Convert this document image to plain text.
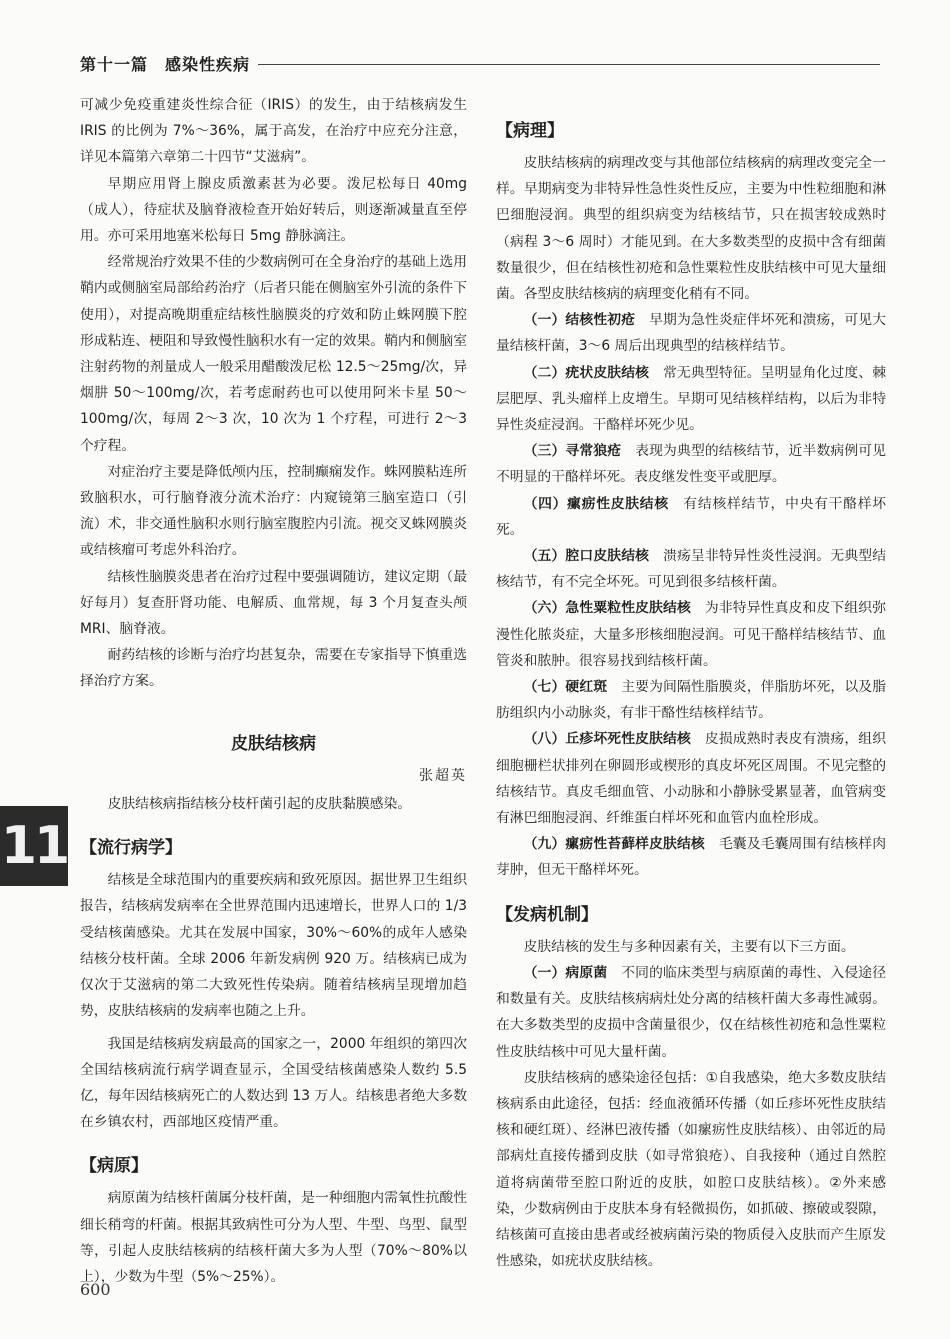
第十一篇　感染性疾病
11

可减少免疫重建炎性综合征（IRIS）的发生，由于结核病发生 IRIS 的比例为 7%～36%，属于高发，在治疗中应充分注意，详见本篇第六章第二十四节“艾滋病”。

早期应用肾上腺皮质激素甚为必要。泼尼松每日 40mg（成人），待症状及脑脊液检查开始好转后，则逐渐减量直至停用。亦可采用地塞米松每日 5mg 静脉滴注。

经常规治疗效果不佳的少数病例可在全身治疗的基础上选用鞘内或侧脑室局部给药治疗（后者只能在侧脑室外引流的条件下使用），对提高晚期重症结核性脑膜炎的疗效和防止蛛网膜下腔形成粘连、梗阻和导致慢性脑积水有一定的效果。鞘内和侧脑室注射药物的剂量成人一般采用醋酸泼尼松 12.5～25mg/次，异烟肼 50～100mg/次，若考虑耐药也可以使用阿米卡星 50～100mg/次，每周 2～3 次，10 次为 1 个疗程，可进行 2～3 个疗程。

对症治疗主要是降低颅内压，控制癫痫发作。蛛网膜粘连所致脑积水，可行脑脊液分流术治疗：内窥镜第三脑室造口（引流）术，非交通性脑积水则行脑室腹腔内引流。视交叉蛛网膜炎或结核瘤可考虑外科治疗。

结核性脑膜炎患者在治疗过程中要强调随访，建议定期（最好每月）复查肝肾功能、电解质、血常规，每 3 个月复查头颅 MRI、脑脊液。

耐药结核的诊断与治疗均甚复杂，需要在专家指导下慎重选择治疗方案。

皮肤结核病
张超英

皮肤结核病指结核分枝杆菌引起的皮肤黏膜感染。

【流行病学】

结核是全球范围内的重要疾病和致死原因。据世界卫生组织报告，结核病发病率在全世界范围内迅速增长，世界人口的 1/3 受结核菌感染。尤其在发展中国家，30%～60%的成年人感染结核分枝杆菌。全球 2006 年新发病例 920 万。结核病已成为仅次于艾滋病的第二大致死性传染病。随着结核病呈现增加趋势，皮肤结核病的发病率也随之上升。

我国是结核病发病最高的国家之一，2000 年组织的第四次全国结核病流行病学调查显示，全国受结核菌感染人数约 5.5 亿，每年因结核病死亡的人数达到 13 万人。结核患者绝大多数在乡镇农村，西部地区疫情严重。

【病原】

病原菌为结核杆菌属分枝杆菌，是一种细胞内需氧性抗酸性细长稍弯的杆菌。根据其致病性可分为人型、牛型、鸟型、鼠型等，引起人皮肤结核病的结核杆菌大多为人型（70%～80%以上），少数为牛型（5%～25%）。

【病理】

皮肤结核病的病理改变与其他部位结核病的病理改变完全一样。早期病变为非特异性急性炎性反应，主要为中性粒细胞和淋巴细胞浸润。典型的组织病变为结核结节，只在损害较成熟时（病程 3～6 周时）才能见到。在大多数类型的皮损中含有细菌数量很少，但在结核性初疮和急性粟粒性皮肤结核中可见大量细菌。各型皮肤结核病的病理变化稍有不同。

（一）结核性初疮　 早期为急性炎症伴坏死和溃疡，可见大量结核杆菌，3～6 周后出现典型的结核样结节。

（二）疣状皮肤结核　 常无典型特征。呈明显角化过度、棘层肥厚、乳头瘤样上皮增生。早期可见结核样结构，以后为非特异性炎症浸润。干酪样坏死少见。

（三）寻常狼疮　 表现为典型的结核结节，近半数病例可见不明显的干酪样坏死。表皮继发性变平或肥厚。

（四）瘰疬性皮肤结核　 有结核样结节，中央有干酪样坏死。

（五）腔口皮肤结核　 溃疡呈非特异性炎性浸润。无典型结核结节，有不完全坏死。可见到很多结核杆菌。

（六）急性粟粒性皮肤结核　 为非特异性真皮和皮下组织弥漫性化脓炎症，大量多形核细胞浸润。可见干酪样结核结节、血管炎和脓肿。很容易找到结核杆菌。

（七）硬红斑　 主要为间隔性脂膜炎，伴脂肪坏死，以及脂肪组织内小动脉炎，有非干酪性结核样结节。

（八）丘疹坏死性皮肤结核　 皮损成熟时表皮有溃疡，组织细胞栅栏状排列在卵圆形或楔形的真皮坏死区周围。不见完整的结核结节。真皮毛细血管、小动脉和小静脉受累显著，血管病变有淋巴细胞浸润、纤维蛋白样坏死和血管内血栓形成。

（九）瘰疬性苔藓样皮肤结核　 毛囊及毛囊周围有结核样肉芽肿，但无干酪样坏死。

【发病机制】

皮肤结核的发生与多种因素有关，主要有以下三方面。

（一）病原菌　 不同的临床类型与病原菌的毒性、入侵途径和数量有关。皮肤结核病病灶处分离的结核杆菌大多毒性减弱。在大多数类型的皮损中含菌量很少，仅在结核性初疮和急性粟粒性皮肤结核中可见大量杆菌。

皮肤结核病的感染途径包括：①自我感染，绝大多数皮肤结核病系由此途径，包括：经血液循环传播（如丘疹坏死性皮肤结核和硬红斑）、经淋巴液传播（如瘰疬性皮肤结核）、由邻近的局部病灶直接传播到皮肤（如寻常狼疮）、自我接种（通过自然腔道将病菌带至腔口附近的皮肤，如腔口皮肤结核）。②外来感染，少数病例由于皮肤本身有轻微损伤，如抓破、擦破或裂隙，结核菌可直接由患者或经被病菌污染的物质侵入皮肤而产生原发性感染，如疣状皮肤结核。

600
